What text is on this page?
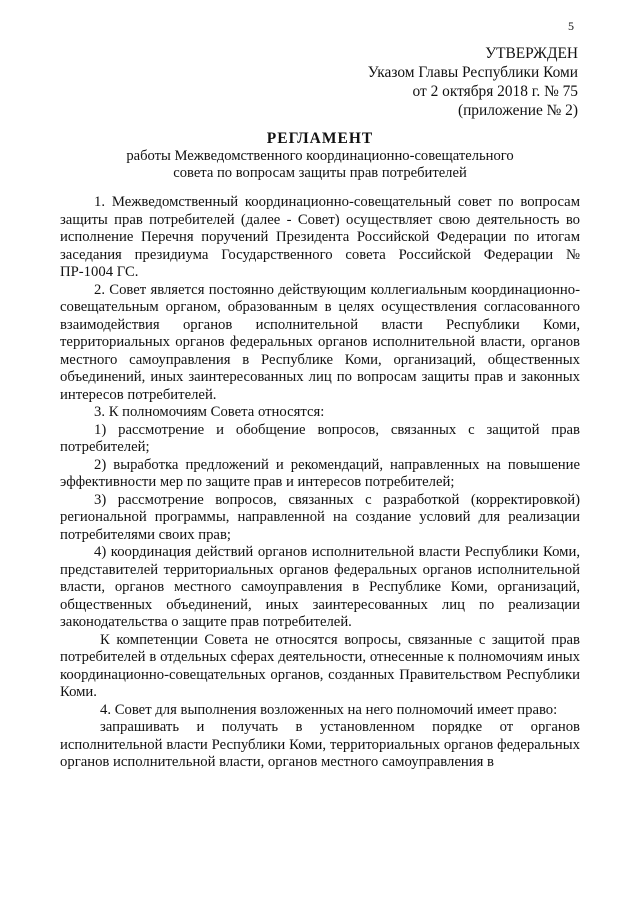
5
УТВЕРЖДЕН
Указом Главы Республики Коми
от 2 октября 2018 г. № 75
(приложение № 2)
РЕГЛАМЕНТ
работы Межведомственного координационно-совещательного
совета по вопросам защиты прав потребителей

1. Межведомственный координационно-совещательный совет по вопросам защиты прав потребителей (далее - Совет) осуществляет свою деятельность во исполнение Перечня поручений Президента Российской Федерации по итогам заседания президиума Государственного совета Российской Федерации № ПР-1004 ГС.

2. Совет является постоянно действующим коллегиальным координационно-совещательным органом, образованным в целях осуществления согласованного взаимодействия органов исполнительной власти Республики Коми, территориальных органов федеральных органов исполнительной власти, органов местного самоуправления в Республике Коми, организаций, общественных объединений, иных заинтересованных лиц по вопросам защиты прав и законных интересов потребителей.

3. К полномочиям Совета относятся:

1) рассмотрение и обобщение вопросов, связанных с защитой прав потребителей;

2) выработка предложений и рекомендаций, направленных на повышение эффективности мер по защите прав и интересов потребителей;

3) рассмотрение вопросов, связанных с разработкой (корректировкой) региональной программы, направленной на создание условий для реализации потребителями своих прав;

4) координация действий органов исполнительной власти Республики Коми, представителей территориальных органов федеральных органов исполнительной власти, органов местного самоуправления в Республике Коми, организаций, общественных объединений, иных заинтересованных лиц по реализации законодательства о защите прав потребителей.

К компетенции Совета не относятся вопросы, связанные с защитой прав потребителей в отдельных сферах деятельности, отнесенные к полномочиям иных координационно-совещательных органов, созданных Правительством Республики Коми.

4. Совет для выполнения возложенных на него полномочий имеет право:

запрашивать и получать в установленном порядке от органов исполнительной власти Республики Коми, территориальных органов федеральных органов исполнительной власти, органов местного самоуправления в
